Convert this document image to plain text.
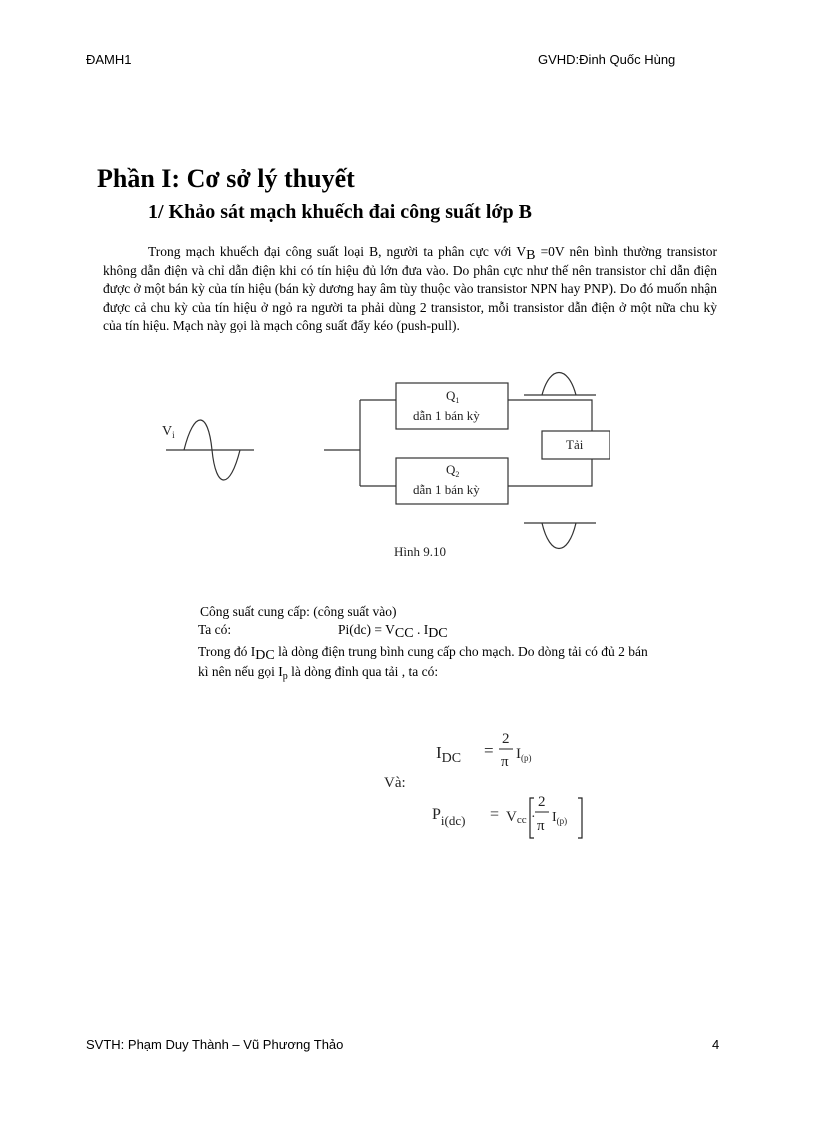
ĐAMH1	GVHD:Đinh Quốc Hùng
Phần I: Cơ sở lý thuyết
1/ Khảo sát mạch khuếch đai công suất lớp B

Trong mạch khuếch đại công suất loại B, người ta phân cực với VB =0V nên bình thường transistor không dẫn điện và chỉ dẫn điện khi có tín hiệu đủ lớn đưa vào. Do phân cực như thế nên transistor chỉ dẫn điện được ở một bán kỳ của tín hiệu (bán kỳ dương hay âm tùy thuộc vào transistor NPN hay PNP). Do đó muốn nhận được cả chu kỳ của tín hiệu ở ngỏ ra người ta phải dùng 2 transistor, mỗi transistor dẫn điện ở một nữa chu kỳ của tín hiệu. Mạch này gọi là mạch công suất đẩy kéo (push-pull).

$V_i$
$Q_1$
dẫn 1 bán kỳ
$Q_2$
dẫn 1 bán kỳ
Tải
Hình 9.10
Công suất cung cấp: (công suất vào)
Ta có:	Pi(dc) = VCC . IDC
Trong đó IDC là dòng điện trung bình cung cấp cho mạch. Do dòng tải có đủ 2 bán
kì nên nếu gọi $I_p$ là dòng đỉnh qua tải , ta có:
$I_{DC}$ =
2
π $I_{(p)}$
Và:
$P_{i(dc)}$ = Vcc ·
2
π
$I_{(p)}$
SVTH: Phạm Duy Thành – Vũ Phương Thảo	4
